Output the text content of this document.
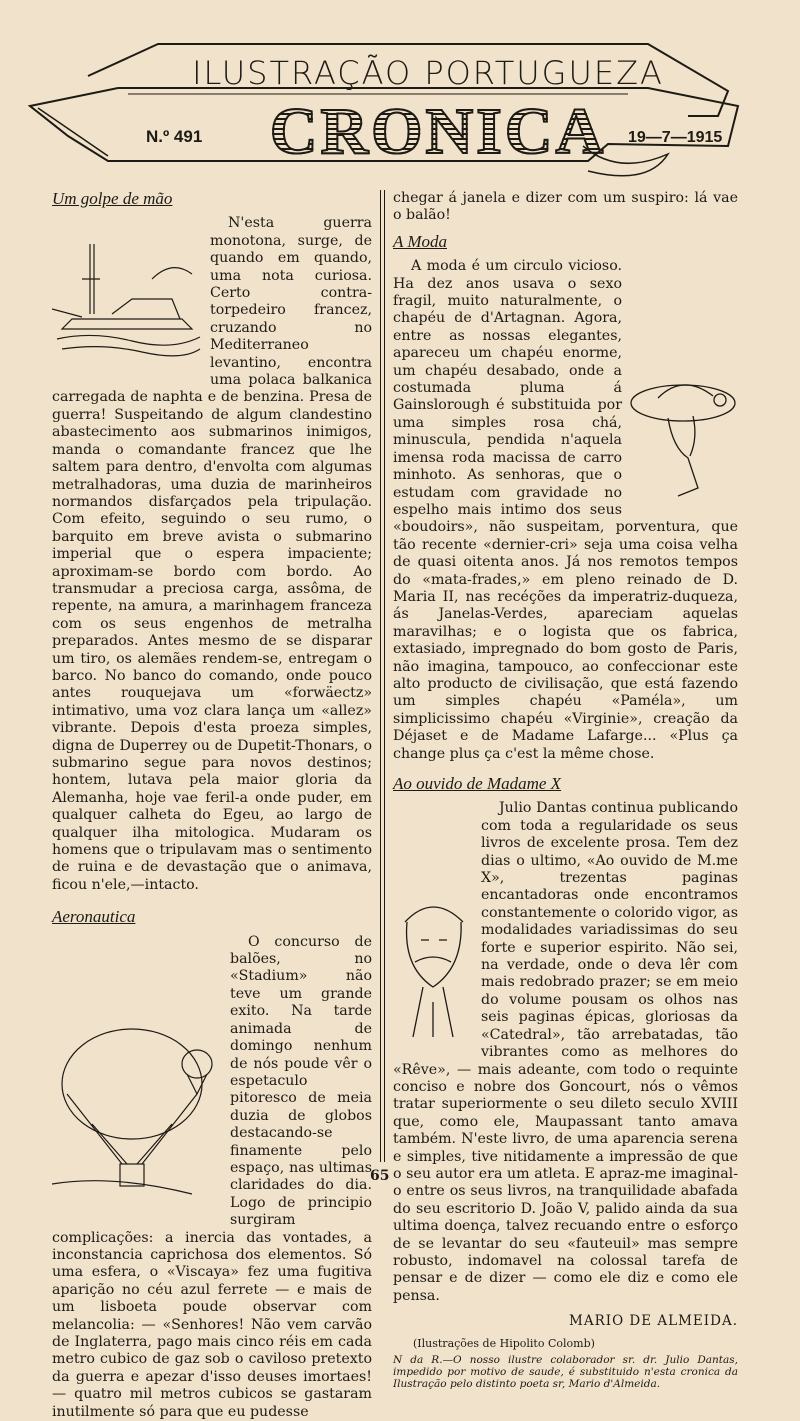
ILUSTRAÇÃO PORTUGUEZA
N.º 491 CRONICA 19—7—1915
Um golpe de mão

N'esta guerra monotona, surge, de quando em quando, uma nota curiosa. Certo contra-torpedeiro francez, cruzando no Mediterraneo levantino, encontra uma polaca balkanica carregada de naphta e de benzina. Presa de guerra! Suspeitando de algum clandestino abastecimento aos submarinos inimigos, manda o comandante francez que lhe saltem para dentro, d'envolta com algumas metralhadoras, uma duzia de marinheiros normandos disfarçados pela tripulação. Com efeito, seguindo o seu rumo, o barquito em breve avista o submarino imperial que o espera impaciente; aproximam-se bordo com bordo. Ao transmudar a preciosa carga, assôma, de repente, na amura, a marinhagem franceza com os seus engenhos de metralha preparados. Antes mesmo de se disparar um tiro, os alemães rendem-se, entregam o barco. No banco do comando, onde pouco antes rouquejava um «forwäectz» intimativo, uma voz clara lança um «allez» vibrante. Depois d'esta proeza simples, digna de Duperrey ou de Dupetit-Thonars, o submarino segue para novos destinos; hontem, lutava pela maior gloria da Alemanha, hoje vae feril-a onde puder, em qualquer calheta do Egeu, ao largo de qualquer ilha mitologica. Mudaram os homens que o tripulavam mas o sentimento de ruina e de devastação que o animava, ficou n'ele,—intacto.

Aeronautica

O concurso de balões, no «Stadium» não teve um grande exito. Na tarde animada de domingo nenhum de nós poude vêr o espetaculo pitoresco de meia duzia de globos destacando-se finamente pelo espaço, nas ultimas claridades do dia. Logo de principio surgiram complicações: a inercia das vontades, a inconstancia caprichosa dos elementos. Só uma esfera, o «Viscaya» fez uma fugitiva aparição no céu azul ferrete — e mais de um lisboeta poude observar com melancolia: — «Senhores! Não vem carvão de Inglaterra, pago mais cinco réis em cada metro cubico de gaz sob o caviloso pretexto da guerra e apezar d'isso deuses imortaes! — quatro mil metros cubicos se gastaram inutilmente só para que eu pudesse

chegar á janela e dizer com um suspiro: lá vae o balão!

A Moda

A moda é um circulo vicioso. Ha dez anos usava o sexo fragil, muito naturalmente, o chapéu de d'Artagnan. Agora, entre as nossas elegantes, apareceu um chapéu enorme, um chapéu desabado, onde a costumada pluma á Gainslorough é substituida por uma simples rosa chá, minuscula, pendida n'aquela imensa roda macissa de carro minhoto. As senhoras, que o estudam com gravidade no espelho mais intimo dos seus «boudoirs», não suspeitam, porventura, que tão recente «dernier-cri» seja uma coisa velha de quasi oitenta anos. Já nos remotos tempos do «mata-frades,» em pleno reinado de D. Maria II, nas recéções da imperatriz-duqueza, ás Janelas-Verdes, apareciam aquelas maravilhas; e o logista que os fabrica, extasiado, impregnado do bom gosto de Paris, não imagina, tampouco, ao confeccionar este alto producto de civilisação, que está fazendo um simples chapéu «Paméla», um simplicissimo chapéu «Virginie», creação da Déjaset e de Madame Lafarge... «Plus ça change plus ça c'est la même chose.

Ao ouvido de Madame X

Julio Dantas continua publicando com toda a regularidade os seus livros de excelente prosa. Tem dez dias o ultimo, «Ao ouvido de M.me X», trezentas paginas encantadoras onde encontramos constantemente o colorido vigor, as modalidades variadissimas do seu forte e superior espirito. Não sei, na verdade, onde o deva lêr com mais redobrado prazer; se em meio do volume pousam os olhos nas seis paginas épicas, gloriosas da «Catedral», tão arrebatadas, tão vibrantes como as melhores do «Rêve», — mais adeante, com todo o requinte conciso e nobre dos Goncourt, nós o vêmos tratar superiormente o seu dileto seculo XVIII que, como ele, Maupassant tanto amava também. N'este livro, de uma aparencia serena e simples, tive nitidamente a impressão de que o seu autor era um atleta. E apraz-me imaginal-o entre os seus livros, na tranquilidade abafada do seu escritorio D. João V, palido ainda da sua ultima doença, talvez recuando entre o esforço de se levantar do seu «fauteuil» mas sempre robusto, indomavel na colossal tarefa de pensar e de dizer — como ele diz e como ele pensa.

MARIO DE ALMEIDA.
(Ilustrações de Hipolito Colomb)
N da R.—O nosso ilustre colaborador sr. dr. Julio Dantas, impedido por motivo de saude, é substituido n'esta cronica da Ilustração pelo distinto poeta sr, Mario d'Almeida.
65
